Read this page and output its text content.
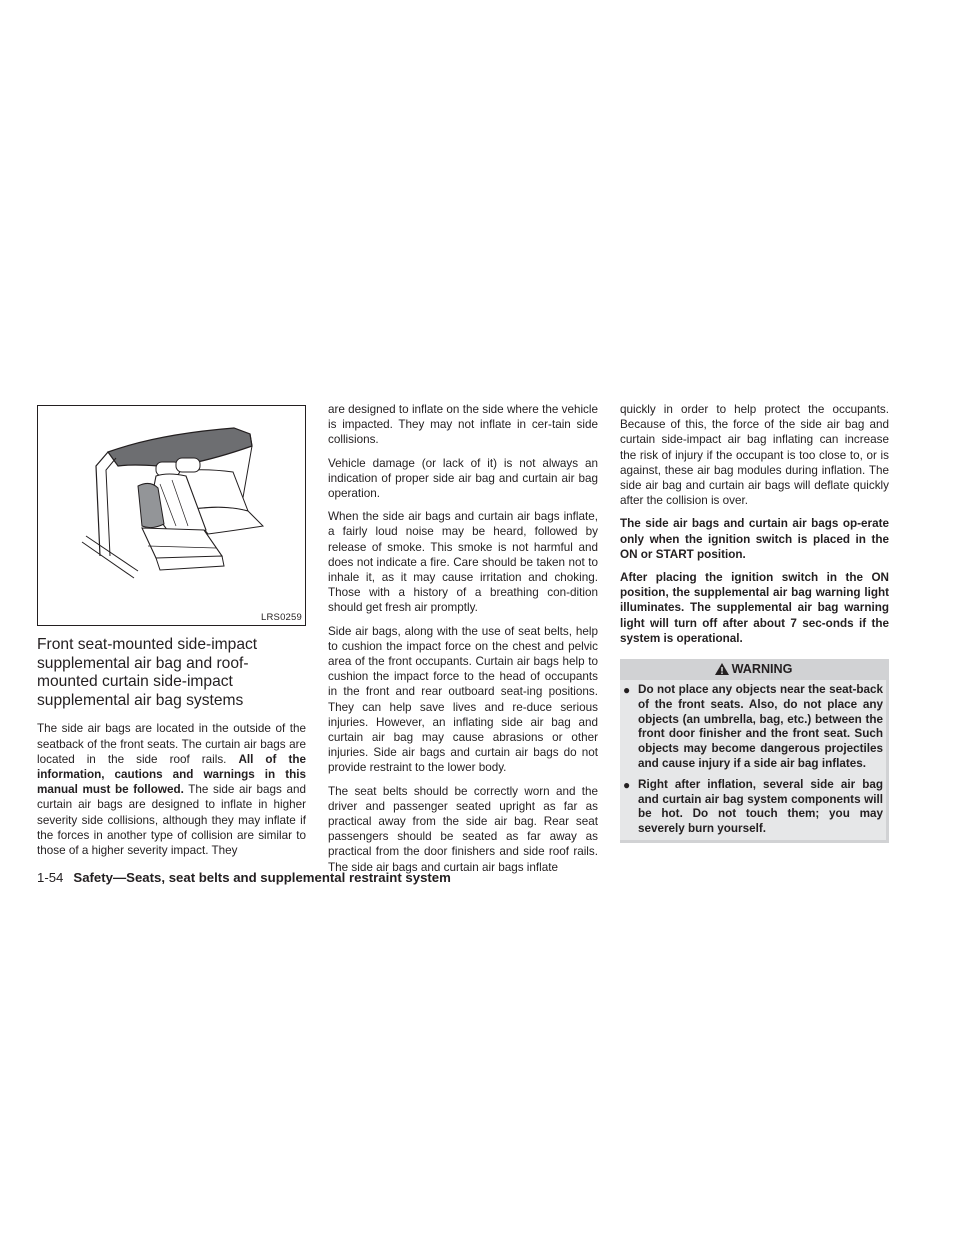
LRS0259
Front seat-mounted side-impact supplemental air bag and roof-mounted curtain side-impact supplemental air bag systems

The side air bags are located in the outside of the seatback of the front seats. The curtain air bags are located in the side roof rails. All of the information, cautions and warnings in this manual must be followed. The side air bags and curtain air bags are designed to inflate in higher severity side collisions, although they may inflate if the forces in another type of collision are similar to those of a higher severity impact. They

are designed to inflate on the side where the vehicle is impacted. They may not inflate in cer-tain side collisions.

Vehicle damage (or lack of it) is not always an indication of proper side air bag and curtain air bag operation.

When the side air bags and curtain air bags inflate, a fairly loud noise may be heard, followed by release of smoke. This smoke is not harmful and does not indicate a fire. Care should be taken not to inhale it, as it may cause irritation and choking. Those with a history of a breathing con-dition should get fresh air promptly.

Side air bags, along with the use of seat belts, help to cushion the impact force on the chest and pelvic area of the front occupants. Curtain air bags help to cushion the impact force to the head of occupants in the front and rear outboard seat-ing positions. They can help save lives and re-duce serious injuries. However, an inflating side air bag and curtain air bag may cause abrasions or other injuries. Side air bags and curtain air bags do not provide restraint to the lower body.

The seat belts should be correctly worn and the driver and passenger seated upright as far as practical away from the side air bag. Rear seat passengers should be seated as far away as practical from the door finishers and side roof rails. The side air bags and curtain air bags inflate

quickly in order to help protect the occupants. Because of this, the force of the side air bag and curtain side-impact air bag inflating can increase the risk of injury if the occupant is too close to, or is against, these air bag modules during inflation. The side air bag and curtain air bags will deflate quickly after the collision is over.

The side air bags and curtain air bags op-erate only when the ignition switch is placed in the ON or START position.

After placing the ignition switch in the ON position, the supplemental air bag warning light illuminates. The supplemental air bag warning light will turn off after about 7 sec-onds if the system is operational.

WARNING
● Do not place any objects near the seat-back of the front seats. Also, do not place any objects (an umbrella, bag, etc.) between the front door finisher and the front seat. Such objects may become dangerous projectiles and cause injury if a side air bag inflates.
● Right after inflation, several side air bag and curtain air bag system components will be hot. Do not touch them; you may severely burn yourself.
1-54 Safety—Seats, seat belts and supplemental restraint system
